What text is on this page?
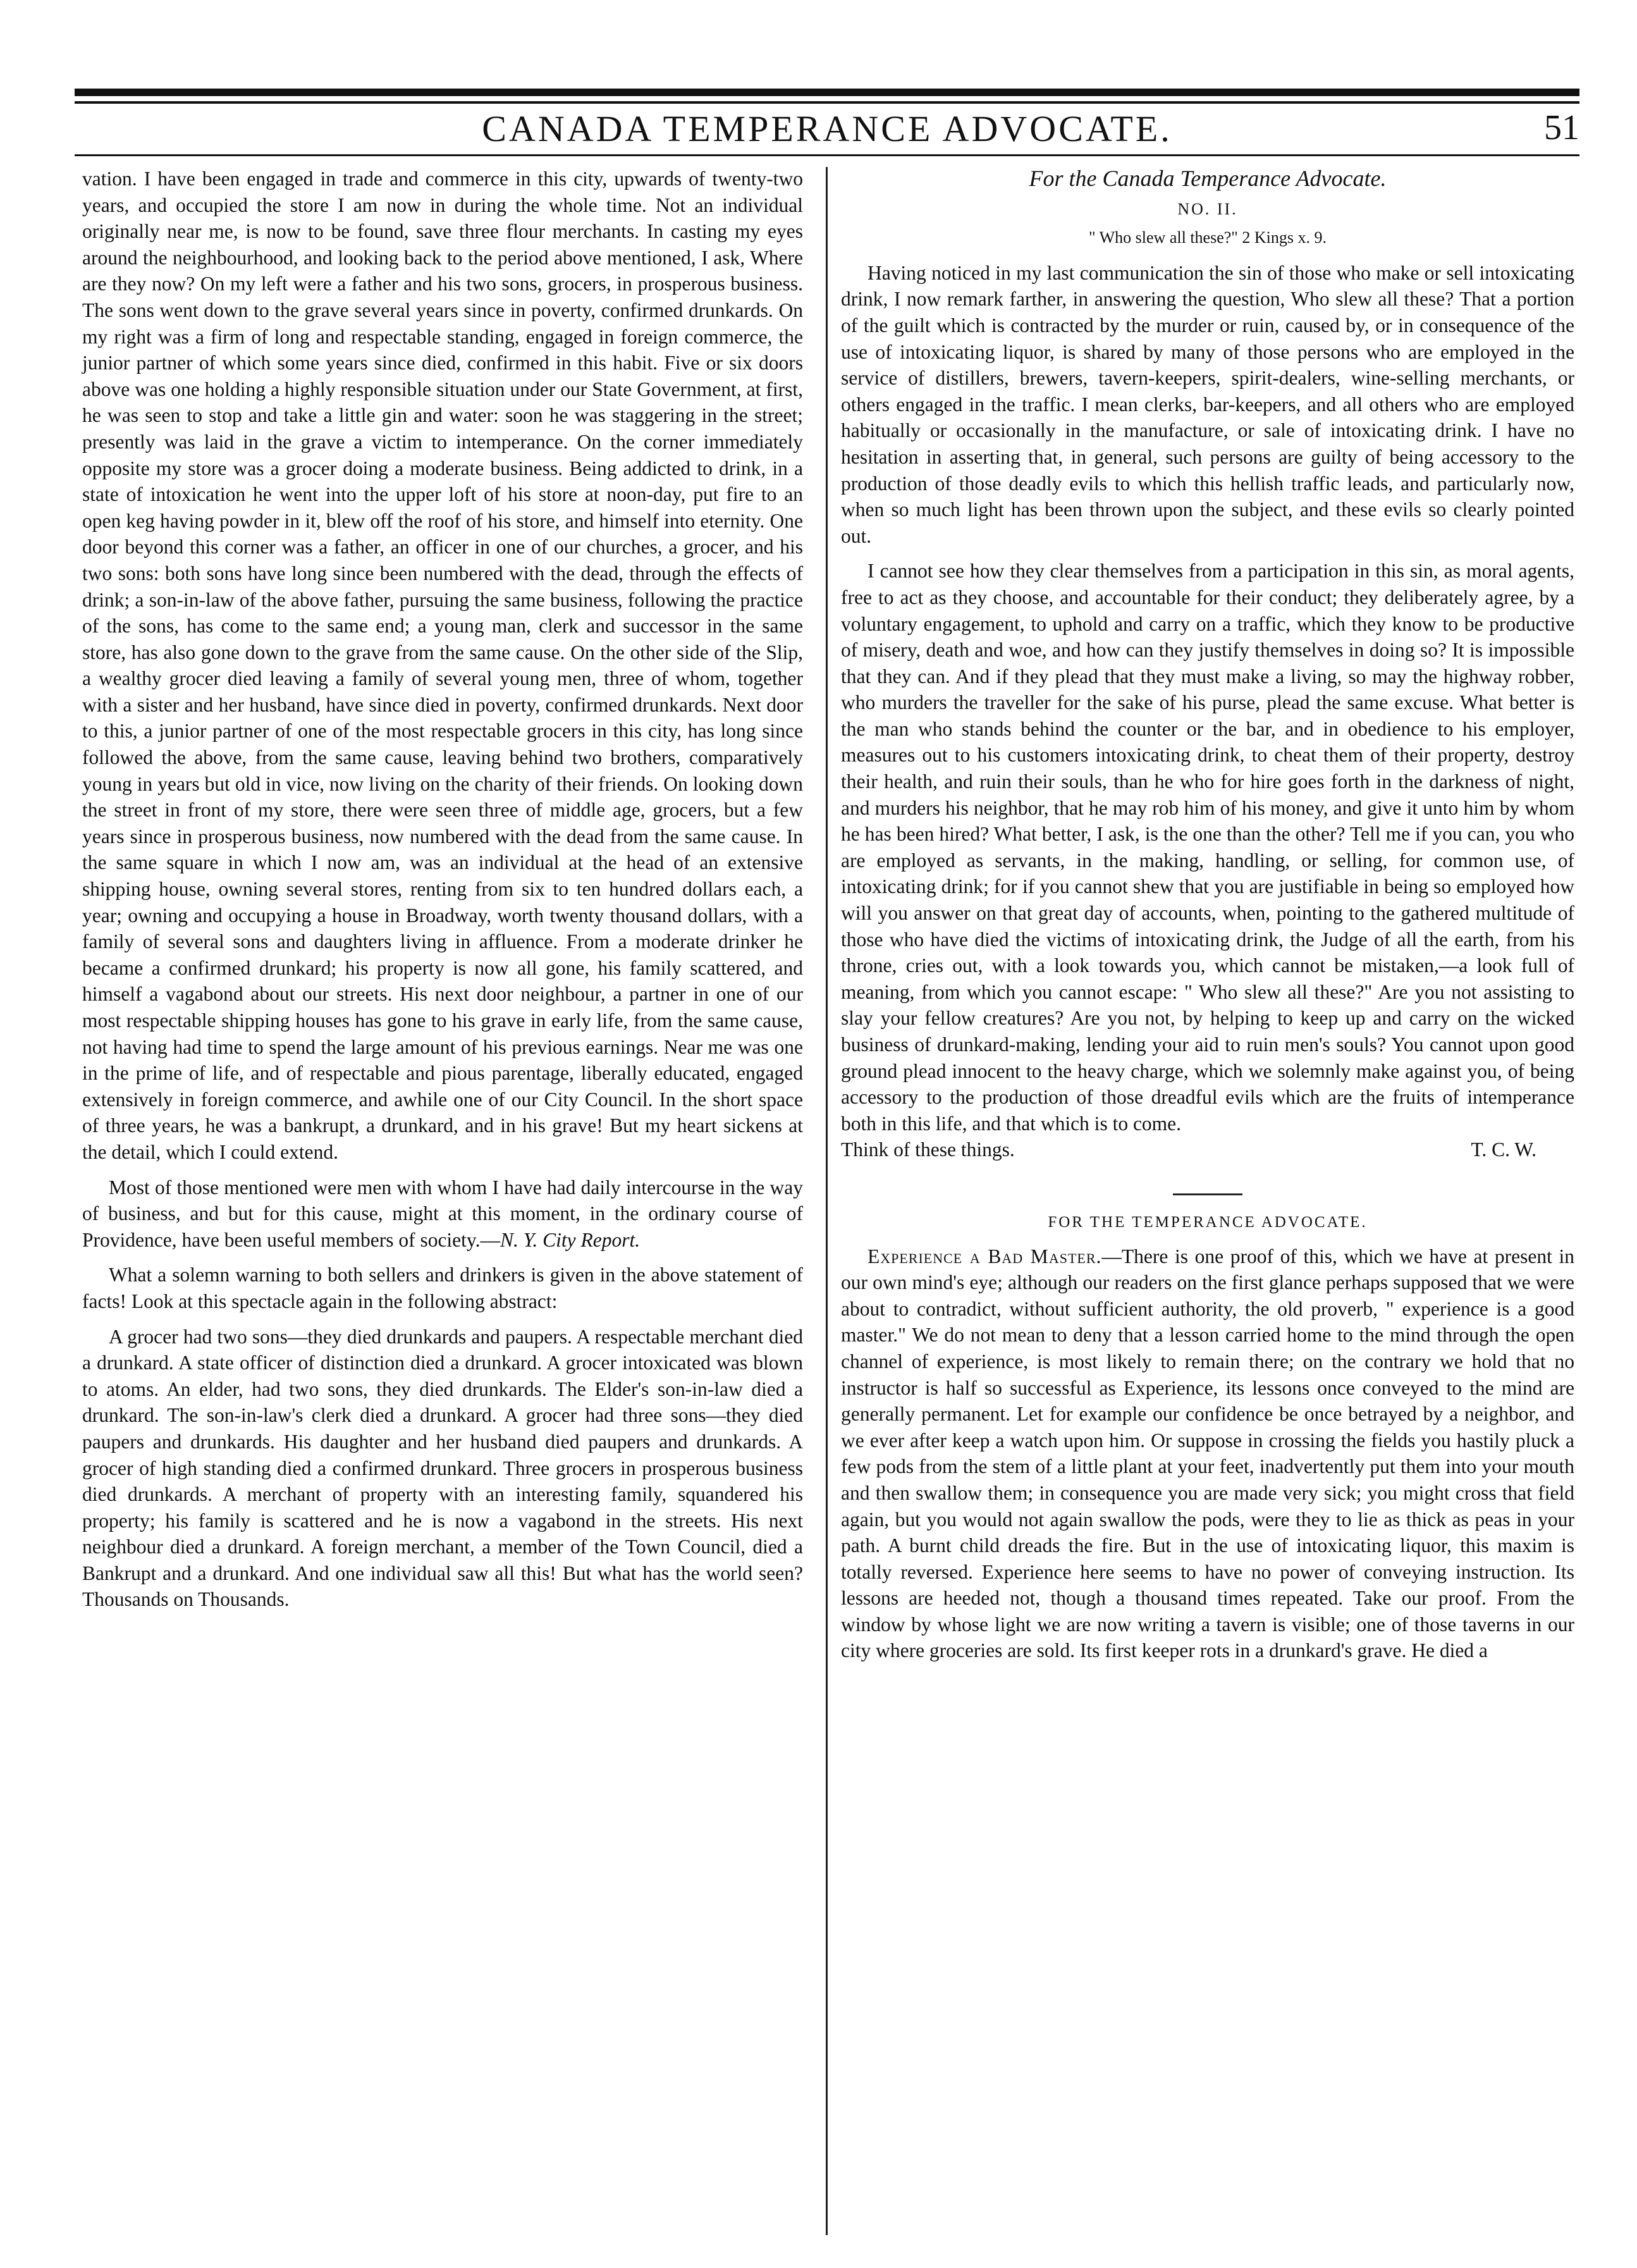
CANADA TEMPERANCE ADVOCATE.	51

vation. I have been engaged in trade and commerce in this city, upwards of twenty-two years, and occupied the store I am now in during the whole time. Not an individual originally near me, is now to be found, save three flour merchants. In casting my eyes around the neighbourhood, and looking back to the period above mentioned, I ask, Where are they now? On my left were a father and his two sons, grocers, in prosperous business. The sons went down to the grave several years since in poverty, confirmed drunkards. On my right was a firm of long and respectable standing, engaged in foreign commerce, the junior partner of which some years since died, confirmed in this habit. Five or six doors above was one holding a highly responsible situation under our State Government, at first, he was seen to stop and take a little gin and water: soon he was staggering in the street; presently was laid in the grave a victim to intemperance. On the corner immediately opposite my store was a grocer doing a moderate business. Being addicted to drink, in a state of intoxication he went into the upper loft of his store at noon-day, put fire to an open keg having powder in it, blew off the roof of his store, and himself into eternity. One door beyond this corner was a father, an officer in one of our churches, a grocer, and his two sons: both sons have long since been numbered with the dead, through the effects of drink; a son-in-law of the above father, pursuing the same business, following the practice of the sons, has come to the same end; a young man, clerk and successor in the same store, has also gone down to the grave from the same cause. On the other side of the Slip, a wealthy grocer died leaving a family of several young men, three of whom, together with a sister and her husband, have since died in poverty, confirmed drunkards. Next door to this, a junior partner of one of the most respectable grocers in this city, has long since followed the above, from the same cause, leaving behind two brothers, comparatively young in years but old in vice, now living on the charity of their friends. On looking down the street in front of my store, there were seen three of middle age, grocers, but a few years since in prosperous business, now numbered with the dead from the same cause. In the same square in which I now am, was an individual at the head of an extensive shipping house, owning several stores, renting from six to ten hundred dollars each, a year; owning and occupying a house in Broadway, worth twenty thousand dollars, with a family of several sons and daughters living in affluence. From a moderate drinker he became a confirmed drunkard; his property is now all gone, his family scattered, and himself a vagabond about our streets. His next door neighbour, a partner in one of our most respectable shipping houses has gone to his grave in early life, from the same cause, not having had time to spend the large amount of his previous earnings. Near me was one in the prime of life, and of respectable and pious parentage, liberally educated, engaged extensively in foreign commerce, and awhile one of our City Council. In the short space of three years, he was a bankrupt, a drunkard, and in his grave! But my heart sickens at the detail, which I could extend.

Most of those mentioned were men with whom I have had daily intercourse in the way of business, and but for this cause, might at this moment, in the ordinary course of Providence, have been useful members of society.—N. Y. City Report.

What a solemn warning to both sellers and drinkers is given in the above statement of facts! Look at this spectacle again in the following abstract:

A grocer had two sons—they died drunkards and paupers. A respectable merchant died a drunkard. A state officer of distinction died a drunkard. A grocer intoxicated was blown to atoms. An elder, had two sons, they died drunkards. The Elder's son-in-law died a drunkard. The son-in-law's clerk died a drunkard. A grocer had three sons—they died paupers and drunkards. His daughter and her husband died paupers and drunkards. A grocer of high standing died a confirmed drunkard. Three grocers in prosperous business died drunkards. A merchant of property with an interesting family, squandered his property; his family is scattered and he is now a vagabond in the streets. His next neighbour died a drunkard. A foreign merchant, a member of the Town Council, died a Bankrupt and a drunkard. And one individual saw all this! But what has the world seen? Thousands on Thousands.

For the Canada Temperance Advocate.
NO. II.
" Who slew all these?" 2 Kings x. 9.

Having noticed in my last communication the sin of those who make or sell intoxicating drink, I now remark farther, in answering the question, Who slew all these? That a portion of the guilt which is contracted by the murder or ruin, caused by, or in consequence of the use of intoxicating liquor, is shared by many of those persons who are employed in the service of distillers, brewers, tavern-keepers, spirit-dealers, wine-selling merchants, or others engaged in the traffic. I mean clerks, bar-keepers, and all others who are employed habitually or occasionally in the manufacture, or sale of intoxicating drink. I have no hesitation in asserting that, in general, such persons are guilty of being accessory to the production of those deadly evils to which this hellish traffic leads, and particularly now, when so much light has been thrown upon the subject, and these evils so clearly pointed out.

I cannot see how they clear themselves from a participation in this sin, as moral agents, free to act as they choose, and accountable for their conduct; they deliberately agree, by a voluntary engagement, to uphold and carry on a traffic, which they know to be productive of misery, death and woe, and how can they justify themselves in doing so? It is impossible that they can. And if they plead that they must make a living, so may the highway robber, who murders the traveller for the sake of his purse, plead the same excuse. What better is the man who stands behind the counter or the bar, and in obedience to his employer, measures out to his customers intoxicating drink, to cheat them of their property, destroy their health, and ruin their souls, than he who for hire goes forth in the darkness of night, and murders his neighbor, that he may rob him of his money, and give it unto him by whom he has been hired? What better, I ask, is the one than the other? Tell me if you can, you who are employed as servants, in the making, handling, or selling, for common use, of intoxicating drink; for if you cannot shew that you are justifiable in being so employed how will you answer on that great day of accounts, when, pointing to the gathered multitude of those who have died the victims of intoxicating drink, the Judge of all the earth, from his throne, cries out, with a look towards you, which cannot be mistaken,—a look full of meaning, from which you cannot escape: " Who slew all these?" Are you not assisting to slay your fellow creatures? Are you not, by helping to keep up and carry on the wicked business of drunkard-making, lending your aid to ruin men's souls? You cannot upon good ground plead innocent to the heavy charge, which we solemnly make against you, of being accessory to the production of those dreadful evils which are the fruits of intemperance both in this life, and that which is to come.

Think of these things.	T. C. W.
FOR THE TEMPERANCE ADVOCATE.

Experience a Bad Master.—There is one proof of this, which we have at present in our own mind's eye; although our readers on the first glance perhaps supposed that we were about to contradict, without sufficient authority, the old proverb, " experience is a good master." We do not mean to deny that a lesson carried home to the mind through the open channel of experience, is most likely to remain there; on the contrary we hold that no instructor is half so successful as Experience, its lessons once conveyed to the mind are generally permanent. Let for example our confidence be once betrayed by a neighbor, and we ever after keep a watch upon him. Or suppose in crossing the fields you hastily pluck a few pods from the stem of a little plant at your feet, inadvertently put them into your mouth and then swallow them; in consequence you are made very sick; you might cross that field again, but you would not again swallow the pods, were they to lie as thick as peas in your path. A burnt child dreads the fire. But in the use of intoxicating liquor, this maxim is totally reversed. Experience here seems to have no power of conveying instruction. Its lessons are heeded not, though a thousand times repeated. Take our proof. From the window by whose light we are now writing a tavern is visible; one of those taverns in our city where groceries are sold. Its first keeper rots in a drunkard's grave. He died a
